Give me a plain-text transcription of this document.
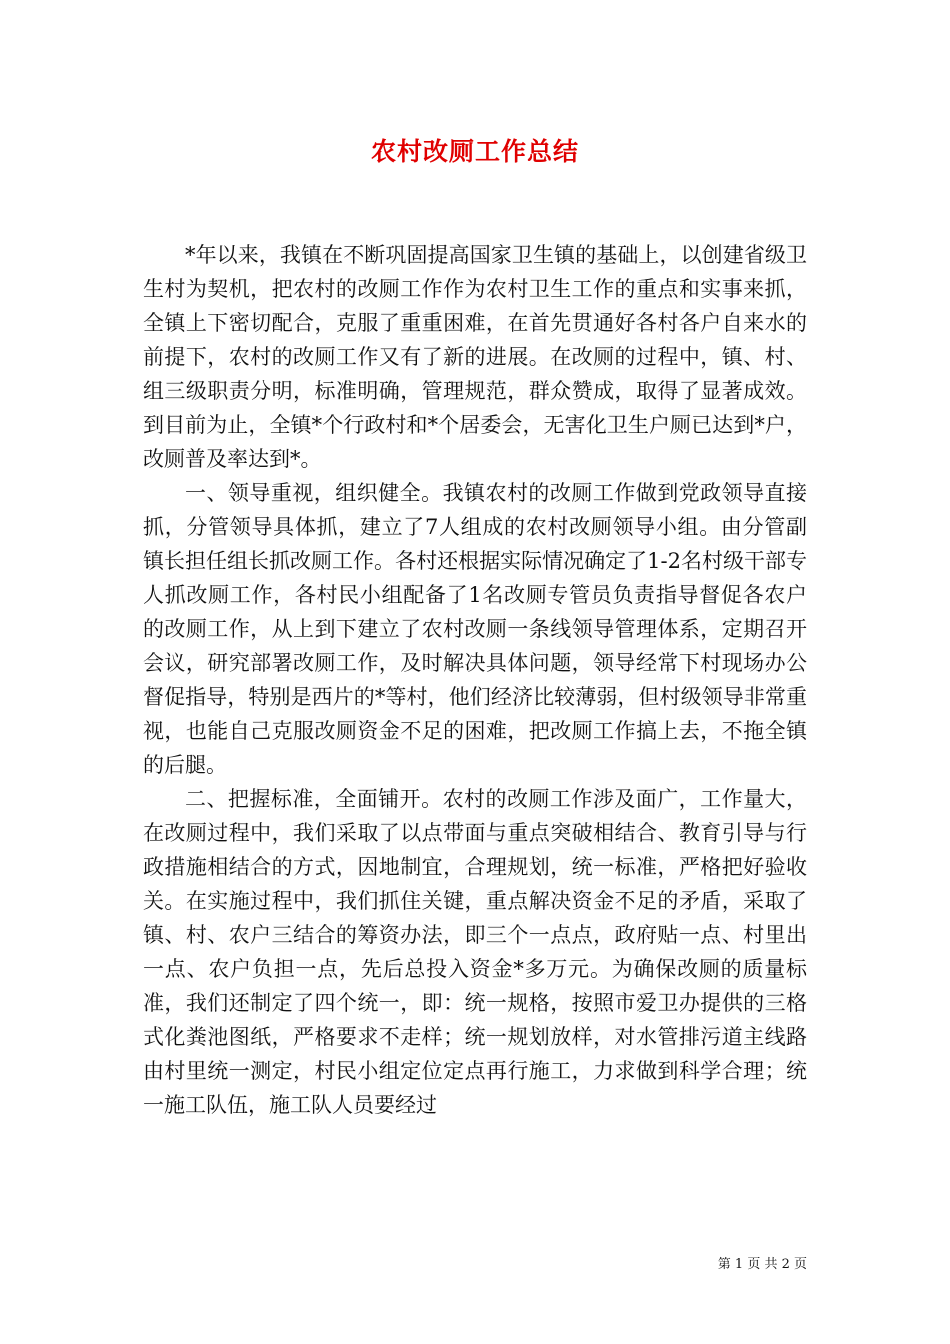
农村改厕工作总结

*年以来，我镇在不断巩固提高国家卫生镇的基础上，以创建省级卫生村为契机，把农村的改厕工作作为农村卫生工作的重点和实事来抓，全镇上下密切配合，克服了重重困难，在首先贯通好各村各户自来水的前提下，农村的改厕工作又有了新的进展。在改厕的过程中，镇、村、组三级职责分明，标准明确，管理规范，群众赞成，取得了显著成效。到目前为止，全镇*个行政村和*个居委会，无害化卫生户厕已达到*户，改厕普及率达到*。

一、领导重视，组织健全。我镇农村的改厕工作做到党政领导直接抓，分管领导具体抓，建立了7人组成的农村改厕领导小组。由分管副镇长担任组长抓改厕工作。各村还根据实际情况确定了1-2名村级干部专人抓改厕工作，各村民小组配备了1名改厕专管员负责指导督促各农户的改厕工作，从上到下建立了农村改厕一条线领导管理体系，定期召开会议，研究部署改厕工作，及时解决具体问题，领导经常下村现场办公督促指导，特别是西片的*等村，他们经济比较薄弱，但村级领导非常重视，也能自己克服改厕资金不足的困难，把改厕工作搞上去，不拖全镇的后腿。

二、把握标准，全面铺开。农村的改厕工作涉及面广，工作量大，在改厕过程中，我们采取了以点带面与重点突破相结合、教育引导与行政措施相结合的方式，因地制宜，合理规划，统一标准，严格把好验收关。在实施过程中，我们抓住关键，重点解决资金不足的矛盾，采取了镇、村、农户三结合的筹资办法，即三个一点点，政府贴一点、村里出一点、农户负担一点，先后总投入资金*多万元。为确保改厕的质量标准，我们还制定了四个统一，即：统一规格，按照市爱卫办提供的三格式化粪池图纸，严格要求不走样；统一规划放样，对水管排污道主线路由村里统一测定，村民小组定位定点再行施工，力求做到科学合理；统一施工队伍，施工队人员要经过

第 1 页 共 2 页
